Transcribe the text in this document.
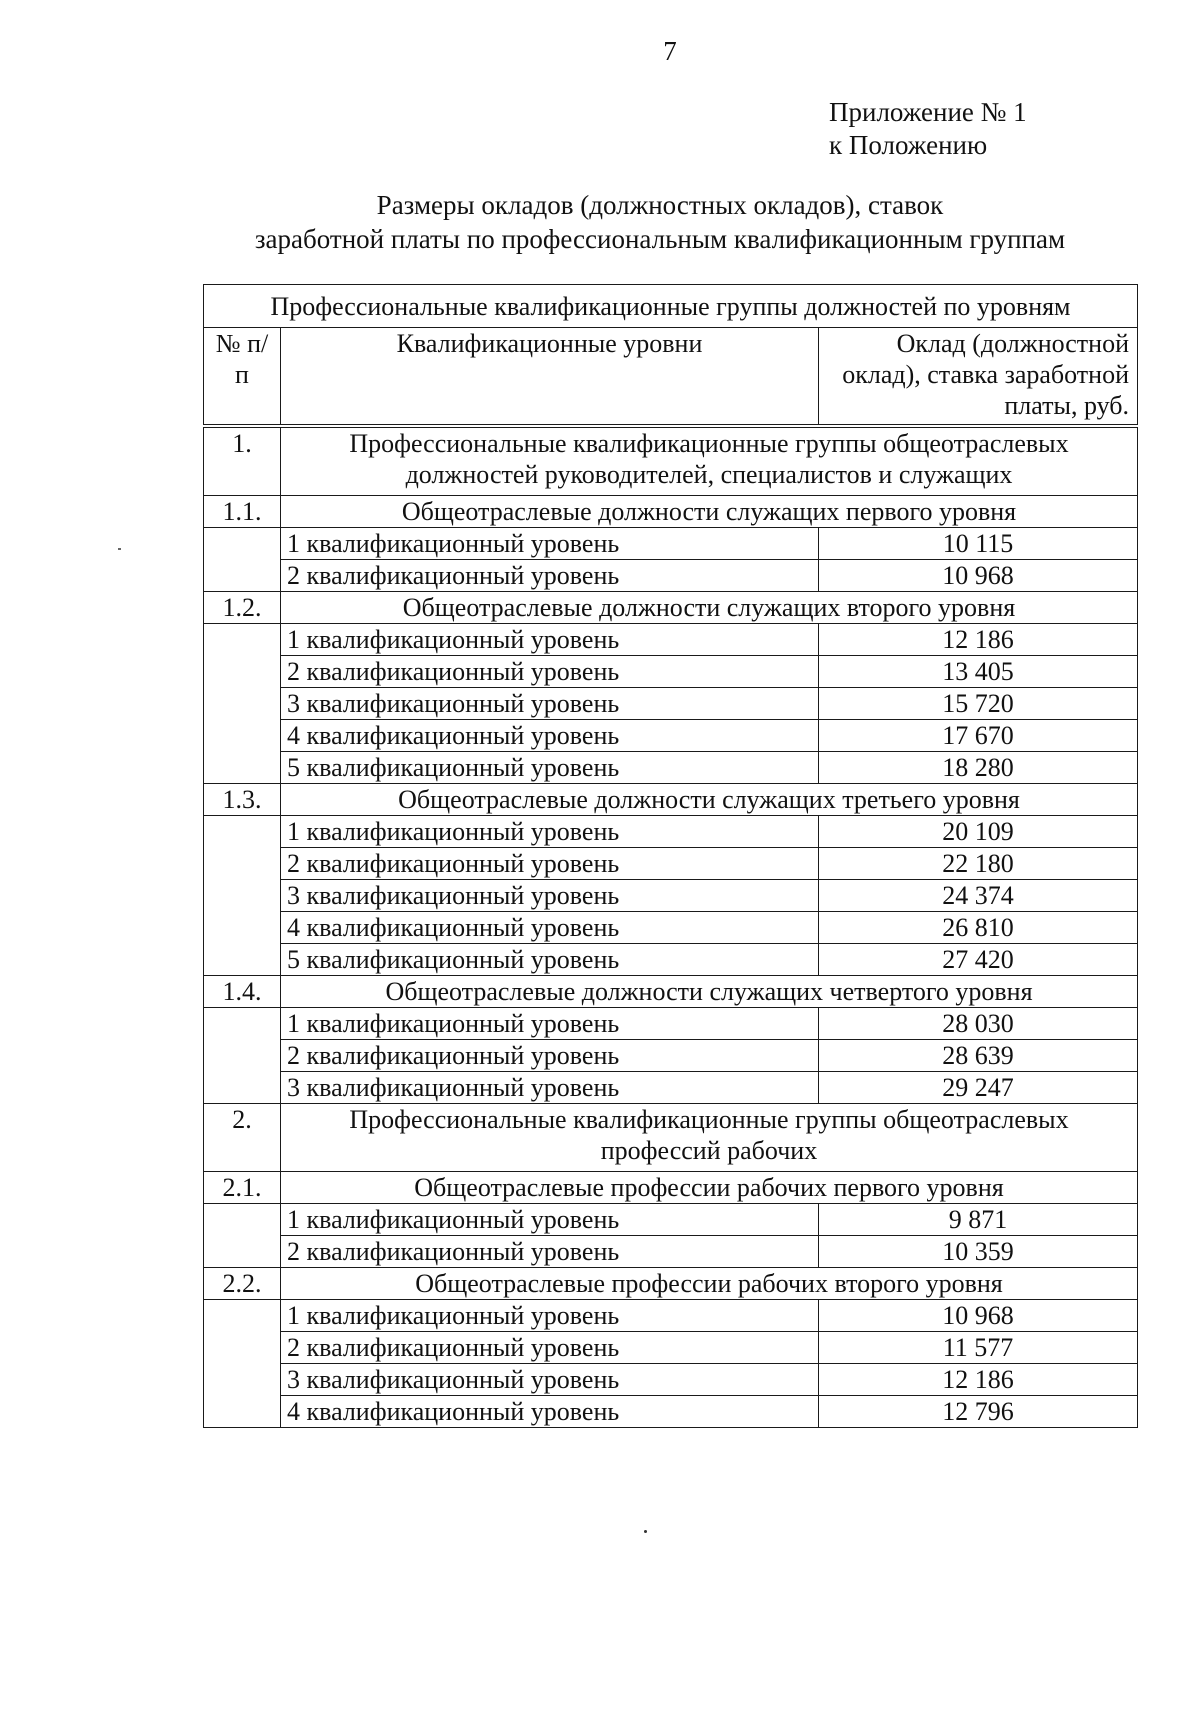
7
Приложение № 1
к Положению
Размеры окладов (должностных окладов), ставок
заработной платы по профессиональным квалификационным группам
Профессиональные квалификационные группы должностей по уровням		
№ п/п	Квалификационные уровни	Оклад (должностной оклад), ставка заработной платы, руб.
1.	Профессиональные квалификационные группы общеотраслевых должностей руководителей, специалистов и служащих	
1.1.	Общеотраслевые должности служащих первого уровня	
	1 квалификационный уровень	10 115
	2 квалификационный уровень	10 968
1.2.	Общеотраслевые должности служащих второго уровня	
	1 квалификационный уровень	12 186
	2 квалификационный уровень	13 405
	3 квалификационный уровень	15 720
	4 квалификационный уровень	17 670
	5 квалификационный уровень	18 280
1.3.	Общеотраслевые должности служащих третьего уровня	
	1 квалификационный уровень	20 109
	2 квалификационный уровень	22 180
	3 квалификационный уровень	24 374
	4 квалификационный уровень	26 810
	5 квалификационный уровень	27 420
1.4.	Общеотраслевые должности служащих четвертого уровня	
	1 квалификационный уровень	28 030
	2 квалификационный уровень	28 639
	3 квалификационный уровень	29 247
2.	Профессиональные квалификационные группы общеотраслевых профессий рабочих	
2.1.	Общеотраслевые профессии рабочих первого уровня	
	1 квалификационный уровень	9 871
	2 квалификационный уровень	10 359
2.2.	Общеотраслевые профессии рабочих второго уровня	
	1 квалификационный уровень	10 968
	2 квалификационный уровень	11 577
	3 квалификационный уровень	12 186
	4 квалификационный уровень	12 796
